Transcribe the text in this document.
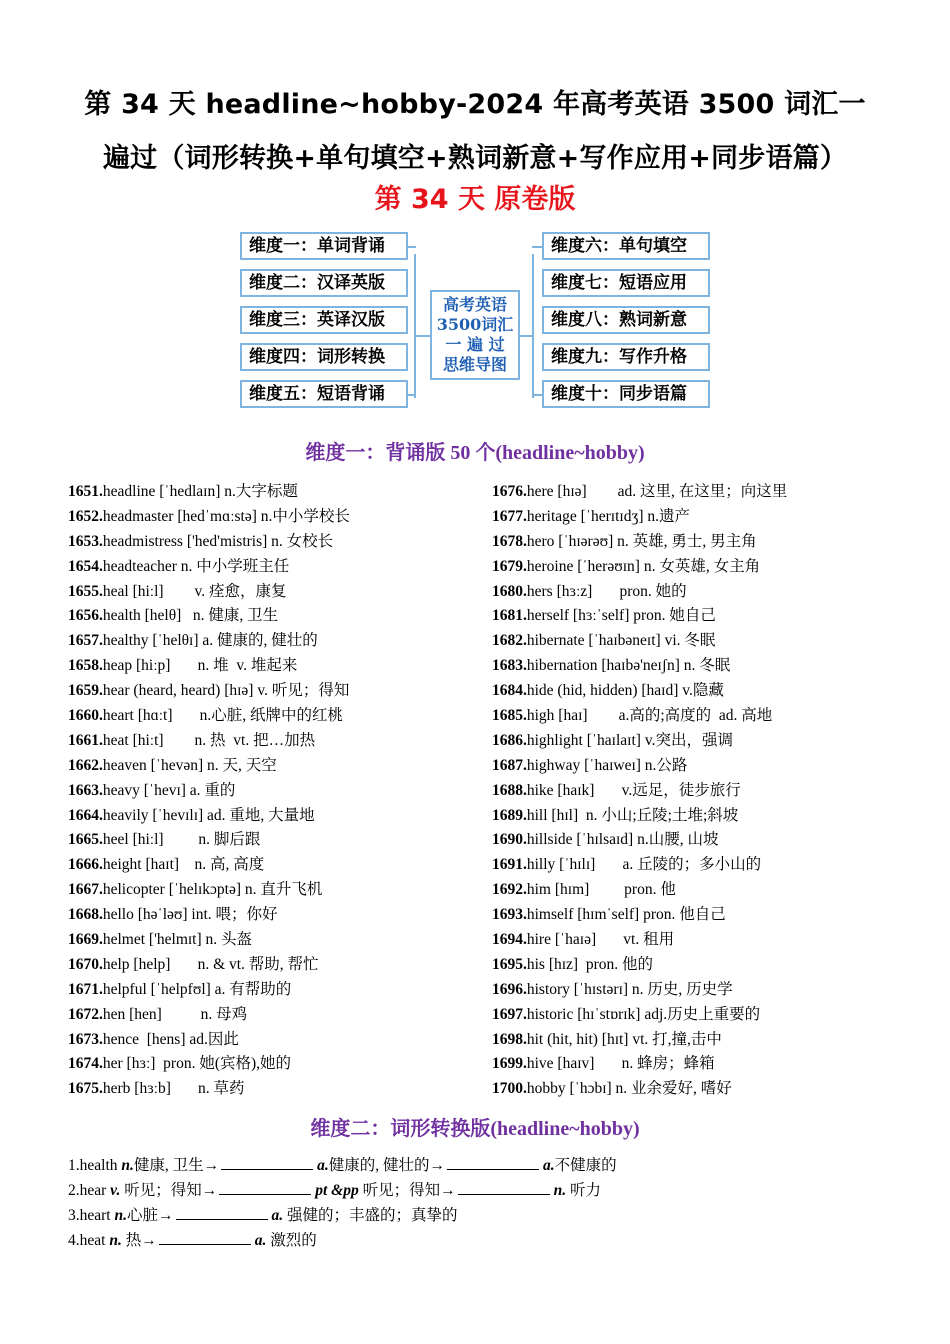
第 34 天 headline~hobby-2024 年高考英语 3500 词汇一
遍过（词形转换+单句填空+熟词新意+写作应用+同步语篇）
第 34 天 原卷版
维度一：单词背诵
维度二：汉译英版
维度三：英译汉版
维度四：词形转换
维度五：短语背诵
维度六：单句填空
维度七：短语应用
维度八：熟词新意
维度九：写作升格
维度十：同步语篇
高考英语
3500词汇
一 遍 过
思维导图
维度一：背诵版 50 个(headline~hobby)
1651.headline [ˈhedlaɪn] n.大字标题
1652.headmaster [hedˈmɑːstə] n.中小学校长
1653.headmistress ['hed'mistris] n. 女校长
1654.headteacher n. 中小学班主任
1655.heal [hiːl]        v. 痊愈，康复
1656.health [helθ]   n. 健康, 卫生
1657.healthy [ˈhelθɪ] a. 健康的, 健壮的
1658.heap [hiːp]       n. 堆  v. 堆起来
1659.hear (heard, heard) [hɪə] v. 听见；得知
1660.heart [hɑːt]       n.心脏, 纸牌中的红桃
1661.heat [hiːt]        n. 热  vt. 把…加热
1662.heaven [ˈhevən] n. 天, 天空
1663.heavy [ˈhevɪ] a. 重的
1664.heavily [ˈhevɪlɪ] ad. 重地, 大量地
1665.heel [hiːl]         n. 脚后跟
1666.height [haɪt]    n. 高, 高度
1667.helicopter [ˈhelɪkɔptə] n. 直升飞机
1668.hello [həˈləʊ] int. 喂；你好
1669.helmet ['helmɪt] n. 头盔
1670.help [help]       n. & vt. 帮助, 帮忙
1671.helpful [ˈhelpfʊl] a. 有帮助的
1672.hen [hen]          n. 母鸡
1673.hence  [hens] ad.因此
1674.her [hɜː]  pron. 她(宾格),她的
1675.herb [hɜːb]       n. 草药
1676.here [hɪə]        ad. 这里, 在这里；向这里
1677.heritage [ˈherɪtɪdʒ] n.遗产
1678.hero [ˈhɪərəʊ] n. 英雄, 勇士, 男主角
1679.heroine [ˈherəʊɪn] n. 女英雄, 女主角
1680.hers [hɜːz]       pron. 她的
1681.herself [hɜːˈself] pron. 她自己
1682.hibernate [ˈhaɪbəneɪt] vi. 冬眠
1683.hibernation [haɪbə'neɪʃn] n. 冬眠
1684.hide (hid, hidden) [haɪd] v.隐藏
1685.high [haɪ]        a.高的;高度的  ad. 高地
1686.highlight [ˈhaɪlaɪt] v.突出，强调
1687.highway [ˈhaɪweɪ] n.公路
1688.hike [haɪk]       v.远足，徒步旅行
1689.hill [hɪl]  n. 小山;丘陵;土堆;斜坡
1690.hillside [ˈhɪlsaɪd] n.山腰, 山坡
1691.hilly [ˈhɪlɪ]       a. 丘陵的；多小山的
1692.him [hɪm]         pron. 他
1693.himself [hɪmˈself] pron. 他自己
1694.hire [ˈhaɪə]       vt. 租用
1695.his [hɪz]  pron. 他的
1696.history [ˈhɪstərɪ] n. 历史, 历史学
1697.historic [hɪˈstɒrɪk] adj.历史上重要的
1698.hit (hit, hit) [hɪt] vt. 打,撞,击中
1699.hive [haɪv]       n. 蜂房；蜂箱
1700.hobby [ˈhɔbɪ] n. 业余爱好, 嗜好
维度二：词形转换版(headline~hobby)
1.health n.健康, 卫生→	a.健康的, 健壮的→	a.不健康的
2.hear v. 听见；得知→	pt &pp 听见；得知→	n. 听力
3.heart n.心脏→	a. 强健的；丰盛的；真挚的
4.heat n. 热→	a. 激烈的
